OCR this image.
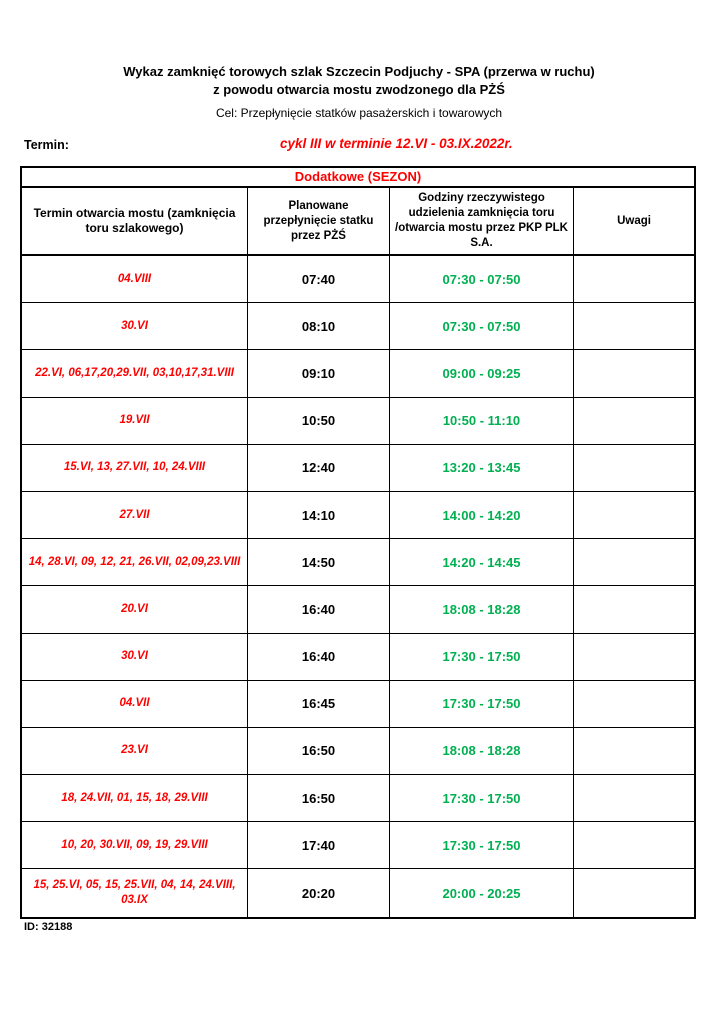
Wykaz zamknięć torowych szlak Szczecin Podjuchy - SPA (przerwa w ruchu)
z powodu otwarcia mostu zwodzonego dla PŻŚ
Cel: Przepłynięcie statków pasażerskich i towarowych
Termin:	cykl III w terminie 12.VI - 03.IX.2022r.
Dodatkowe (SEZON)
Termin otwarcia mostu (zamknięcia toru szlakowego)
Planowane przepłynięcie statku przez PŻŚ
Godziny rzeczywistego udzielenia zamknięcia toru /otwarcia mostu przez PKP PLK S.A.
Uwagi
04.VIII	07:40	07:30 - 07:50
30.VI	08:10	07:30 - 07:50
22.VI, 06,17,20,29.VII, 03,10,17,31.VIII	09:10	09:00 - 09:25
19.VII	10:50	10:50 - 11:10
15.VI, 13, 27.VII, 10, 24.VIII	12:40	13:20 - 13:45
27.VII	14:10	14:00 - 14:20
14, 28.VI, 09, 12, 21, 26.VII, 02,09,23.VIII	14:50	14:20 - 14:45
20.VI	16:40	18:08 - 18:28
30.VI	16:40	17:30 - 17:50
04.VII	16:45	17:30 - 17:50
23.VI	16:50	18:08 - 18:28
18, 24.VII, 01, 15, 18, 29.VIII	16:50	17:30 - 17:50
10, 20, 30.VII, 09, 19, 29.VIII	17:40	17:30 - 17:50
15, 25.VI, 05, 15, 25.VII, 04, 14, 24.VIII, 03.IX	20:20	20:00 - 20:25
ID: 32188
